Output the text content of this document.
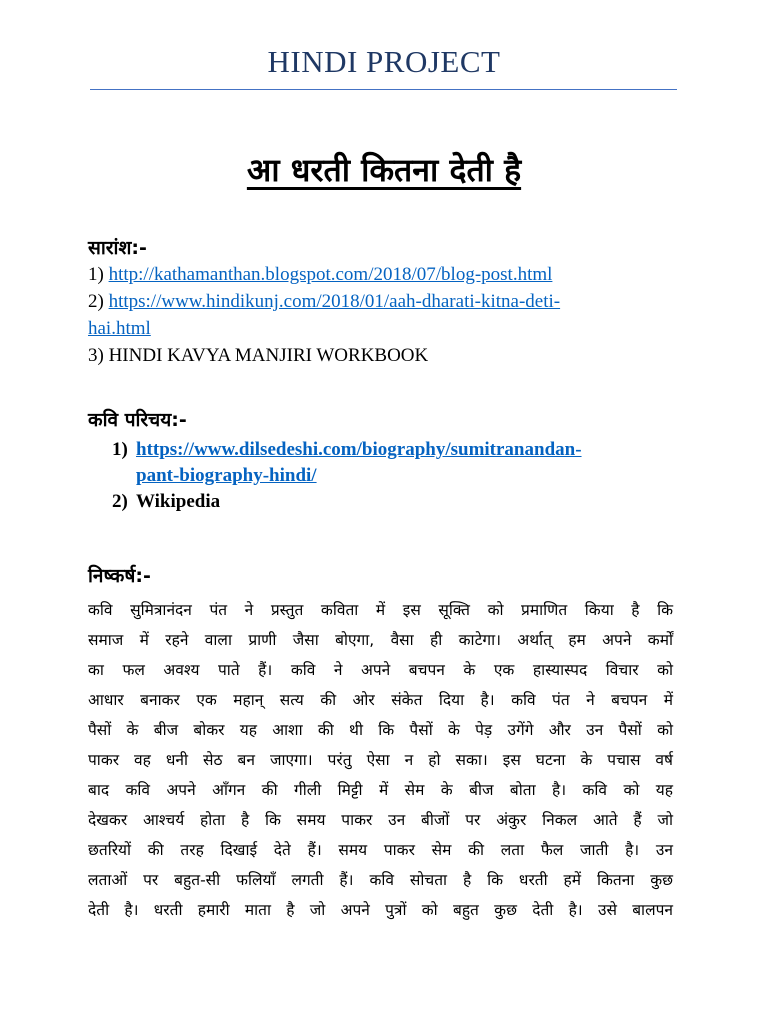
HINDI PROJECT
आ धरती कितना देती है
सारांश:-
1) http://kathamanthan.blogspot.com/2018/07/blog-post.html
2) https://www.hindikunj.com/2018/01/aah-dharati-kitna-deti-
hai.html
3) HINDI KAVYA MANJIRI WORKBOOK
कवि परिचय:-
1) https://www.dilsedeshi.com/biography/sumitranandan-
pant-biography-hindi/
2) Wikipedia
निष्कर्ष:-
कवि सुमित्रानंदन पंत ने प्रस्तुत कविता में इस सूक्ति को प्रमाणित किया है कि
समाज में रहने वाला प्राणी जैसा बोएगा, वैसा ही काटेगा। अर्थात् हम अपने कर्मों
का फल अवश्य पाते हैं। कवि ने अपने बचपन के एक हास्यास्पद विचार को
आधार बनाकर एक महान् सत्य की ओर संकेत दिया है। कवि पंत ने बचपन में
पैसों के बीज बोकर यह आशा की थी कि पैसों के पेड़ उगेंगे और उन पैसों को
पाकर वह धनी सेठ बन जाएगा। परंतु ऐसा न हो सका। इस घटना के पचास वर्ष
बाद कवि अपने आँगन की गीली मिट्टी में सेम के बीज बोता है। कवि को यह
देखकर आश्चर्य होता है कि समय पाकर उन बीजों पर अंकुर निकल आते हैं जो
छतरियों की तरह दिखाई देते हैं। समय पाकर सेम की लता फैल जाती है। उन
लताओं पर बहुत-सी फलियाँ लगती हैं। कवि सोचता है कि धरती हमें कितना कुछ
देती है। धरती हमारी माता है जो अपने पुत्रों को बहुत कुछ देती है। उसे बालपन
